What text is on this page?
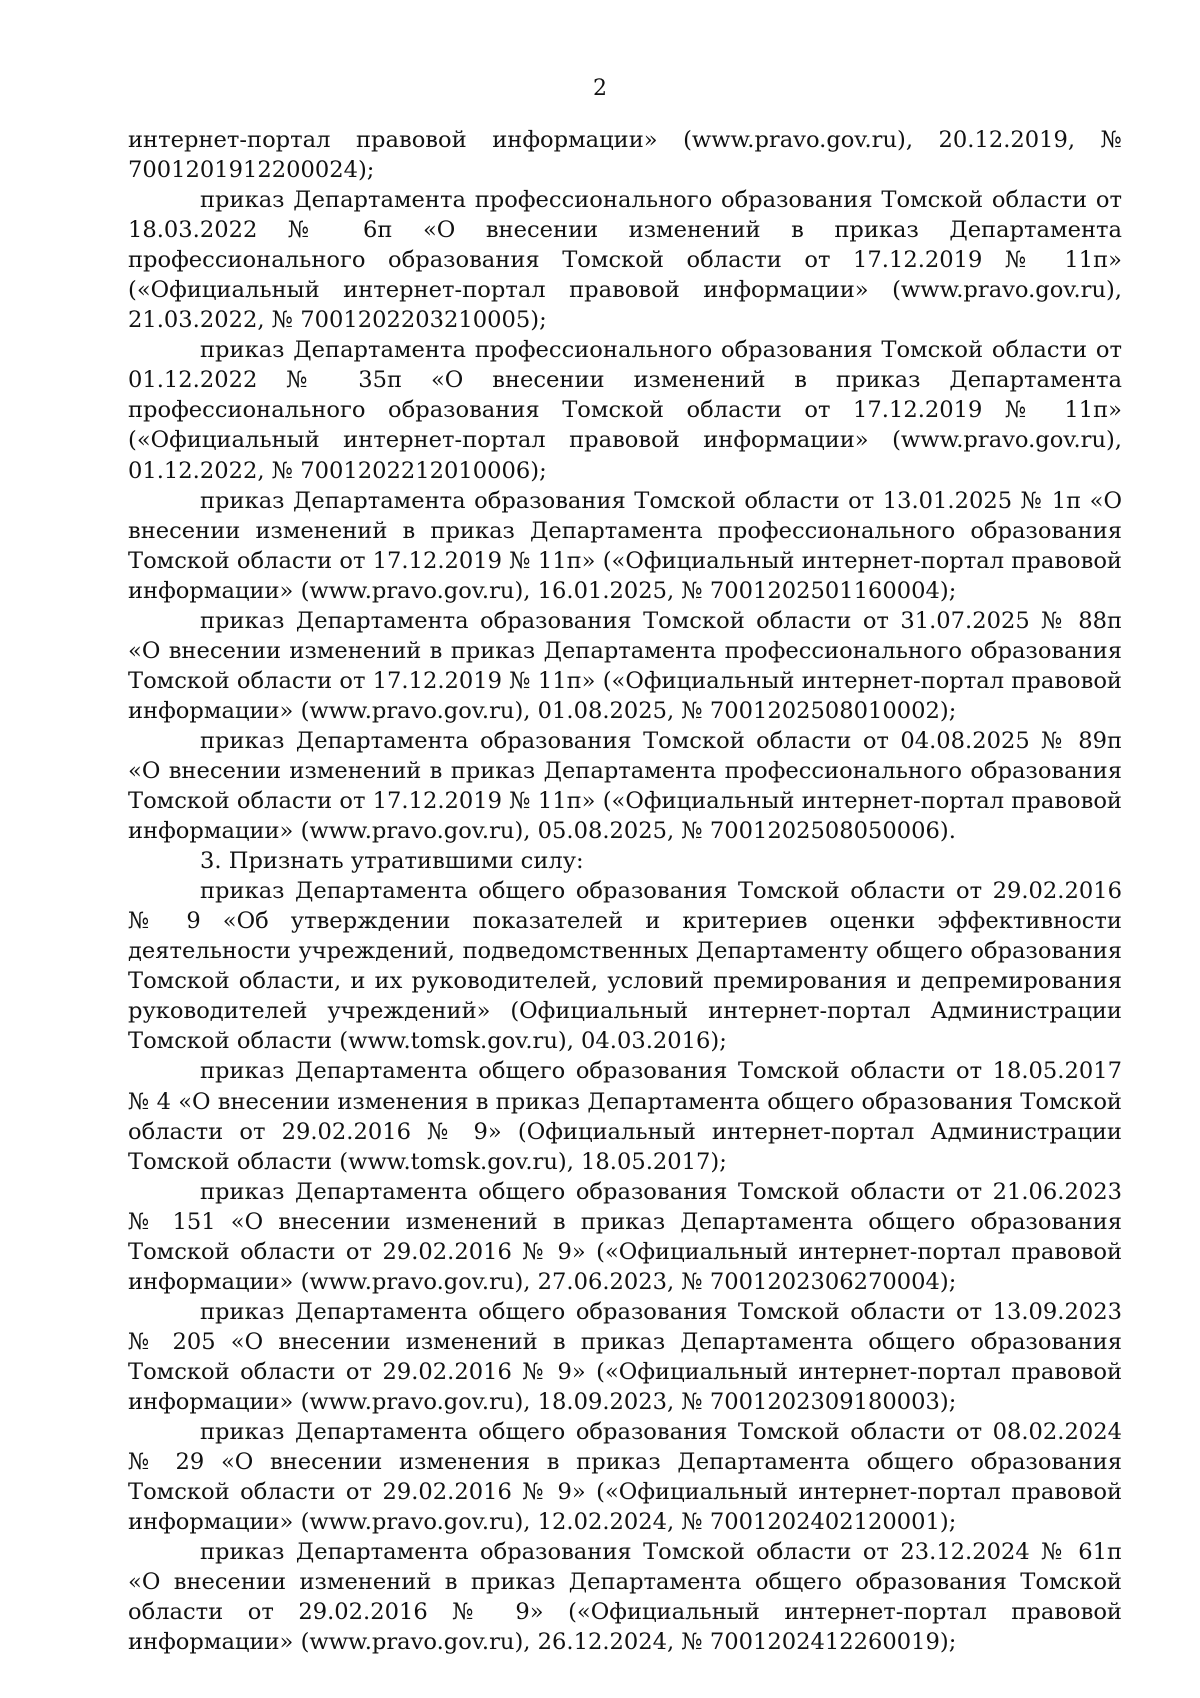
2

интернет-портал правовой информации» (www.pravo.gov.ru), 20.12.2019, № 7001201912200024);

приказ Департамента профессионального образования Томской области от 18.03.2022 № 6п «О внесении изменений в приказ Департамента профессионального образования Томской области от 17.12.2019 № 11п» («Официальный интернет-портал правовой информации» (www.pravo.gov.ru), 21.03.2022, № 7001202203210005);

приказ Департамента профессионального образования Томской области от 01.12.2022 № 35п «О внесении изменений в приказ Департамента профессионального образования Томской области от 17.12.2019 № 11п» («Официальный интернет-портал правовой информации» (www.pravo.gov.ru), 01.12.2022, № 7001202212010006);

приказ Департамента образования Томской области от 13.01.2025 № 1п «О внесении изменений в приказ Департамента профессионального образования Томской области от 17.12.2019 № 11п» («Официальный интернет-портал правовой информации» (www.pravo.gov.ru), 16.01.2025, № 7001202501160004);

приказ Департамента образования Томской области от 31.07.2025 № 88п «О внесении изменений в приказ Департамента профессионального образования Томской области от 17.12.2019 № 11п» («Официальный интернет-портал правовой информации» (www.pravo.gov.ru), 01.08.2025, № 7001202508010002);

приказ Департамента образования Томской области от 04.08.2025 № 89п «О внесении изменений в приказ Департамента профессионального образования Томской области от 17.12.2019 № 11п» («Официальный интернет-портал правовой информации» (www.pravo.gov.ru), 05.08.2025, № 7001202508050006).

3. Признать утратившими силу:

приказ Департамента общего образования Томской области от 29.02.2016 № 9 «Об утверждении показателей и критериев оценки эффективности деятельности учреждений, подведомственных Департаменту общего образования Томской области, и их руководителей, условий премирования и депремирования руководителей учреждений» (Официальный интернет-портал Администрации Томской области (www.tomsk.gov.ru), 04.03.2016);

приказ Департамента общего образования Томской области от 18.05.2017 № 4 «О внесении изменения в приказ Департамента общего образования Томской области от 29.02.2016 № 9» (Официальный интернет-портал Администрации Томской области (www.tomsk.gov.ru), 18.05.2017);

приказ Департамента общего образования Томской области от 21.06.2023 № 151 «О внесении изменений в приказ Департамента общего образования Томской области от 29.02.2016 № 9» («Официальный интернет-портал правовой информации» (www.pravo.gov.ru), 27.06.2023, № 7001202306270004);

приказ Департамента общего образования Томской области от 13.09.2023 № 205 «О внесении изменений в приказ Департамента общего образования Томской области от 29.02.2016 № 9» («Официальный интернет-портал правовой информации» (www.pravo.gov.ru), 18.09.2023, № 7001202309180003);

приказ Департамента общего образования Томской области от 08.02.2024 № 29 «О внесении изменения в приказ Департамента общего образования Томской области от 29.02.2016 № 9» («Официальный интернет-портал правовой информации» (www.pravo.gov.ru), 12.02.2024, № 7001202402120001);

приказ Департамента образования Томской области от 23.12.2024 № 61п «О внесении изменений в приказ Департамента общего образования Томской области от 29.02.2016 № 9» («Официальный интернет-портал правовой информации» (www.pravo.gov.ru), 26.12.2024, № 7001202412260019);
